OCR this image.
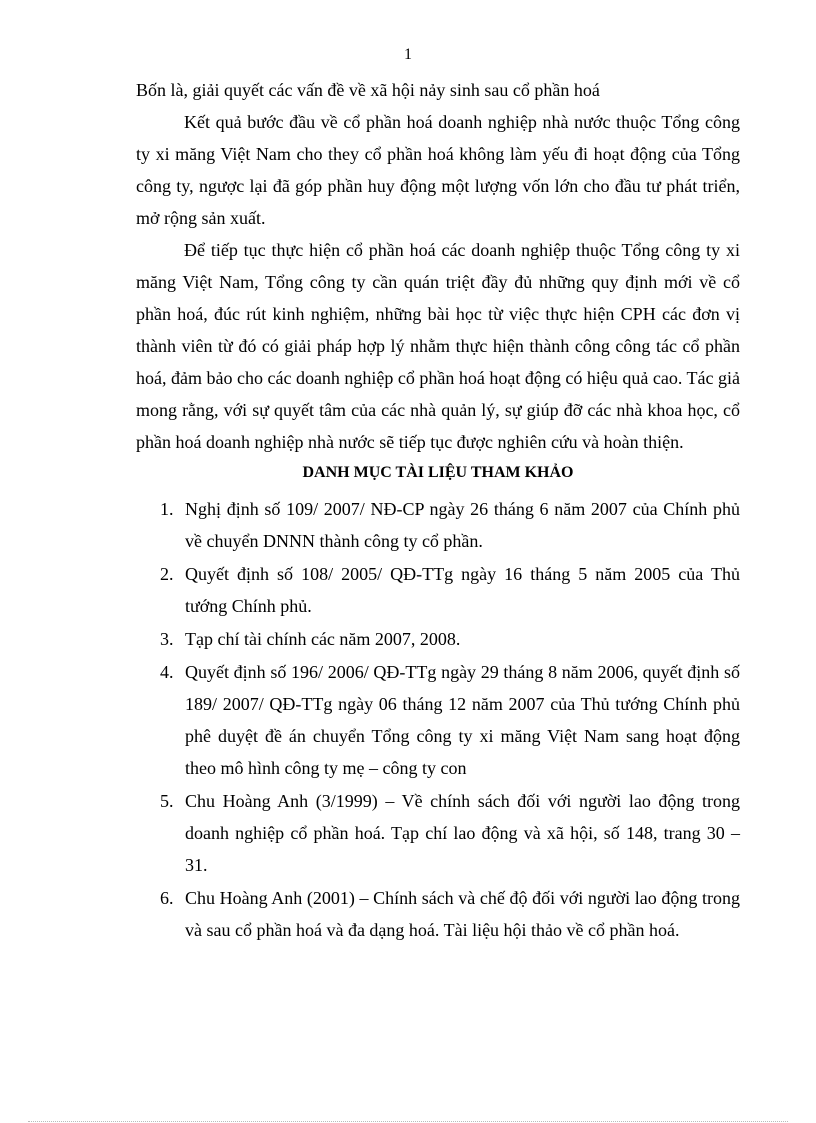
1

Bốn là, giải quyết các vấn đề về xã hội nảy sinh sau cổ phần hoá

Kết quả bước đầu về cổ phần hoá doanh nghiệp nhà nước thuộc Tổng công ty xi măng Việt Nam cho they cổ phần hoá không làm yếu đi hoạt động của Tổng công ty, ngược lại đã góp phần huy động một lượng vốn lớn cho đầu tư phát triển, mở rộng sản xuất.

Để tiếp tục thực hiện cổ phần hoá các doanh nghiệp thuộc Tổng công ty xi măng Việt Nam, Tổng công ty cần quán triệt đầy đủ những quy định mới về cổ phần hoá, đúc rút kinh nghiệm, những bài học từ việc thực hiện CPH các đơn vị thành viên từ đó có giải pháp hợp lý nhằm thực hiện thành công công tác cổ phần hoá, đảm bảo cho các doanh nghiệp cổ phần hoá hoạt động có hiệu quả cao. Tác giả mong rằng, với sự quyết tâm của các nhà quản lý, sự giúp đỡ các nhà khoa học, cổ phần hoá doanh nghiệp nhà nước sẽ tiếp tục được nghiên cứu và hoàn thiện.

DANH MỤC TÀI LIỆU THAM KHẢO
1. Nghị định số 109/ 2007/ NĐ-CP ngày 26 tháng 6 năm 2007 của Chính phủ về chuyển DNNN thành công ty cổ phần.
2. Quyết định số 108/ 2005/ QĐ-TTg ngày 16 tháng 5 năm 2005 của Thủ tướng Chính phủ.
3. Tạp chí tài chính các năm 2007, 2008.
4. Quyết định số 196/ 2006/ QĐ-TTg ngày 29 tháng 8 năm 2006, quyết định số 189/ 2007/ QĐ-TTg ngày 06 tháng 12 năm 2007 của Thủ tướng Chính phủ phê duyệt đề án chuyển Tổng công ty xi măng Việt Nam sang hoạt động theo mô hình công ty mẹ – công ty con
5. Chu Hoàng Anh (3/1999) – Về chính sách đối với người lao động trong doanh nghiệp cổ phần hoá. Tạp chí lao động và xã hội, số 148, trang 30 – 31.
6. Chu Hoàng Anh (2001) – Chính sách và chế độ đối với người lao động trong và sau cổ phần hoá và đa dạng hoá. Tài liệu hội thảo về cổ phần hoá.
